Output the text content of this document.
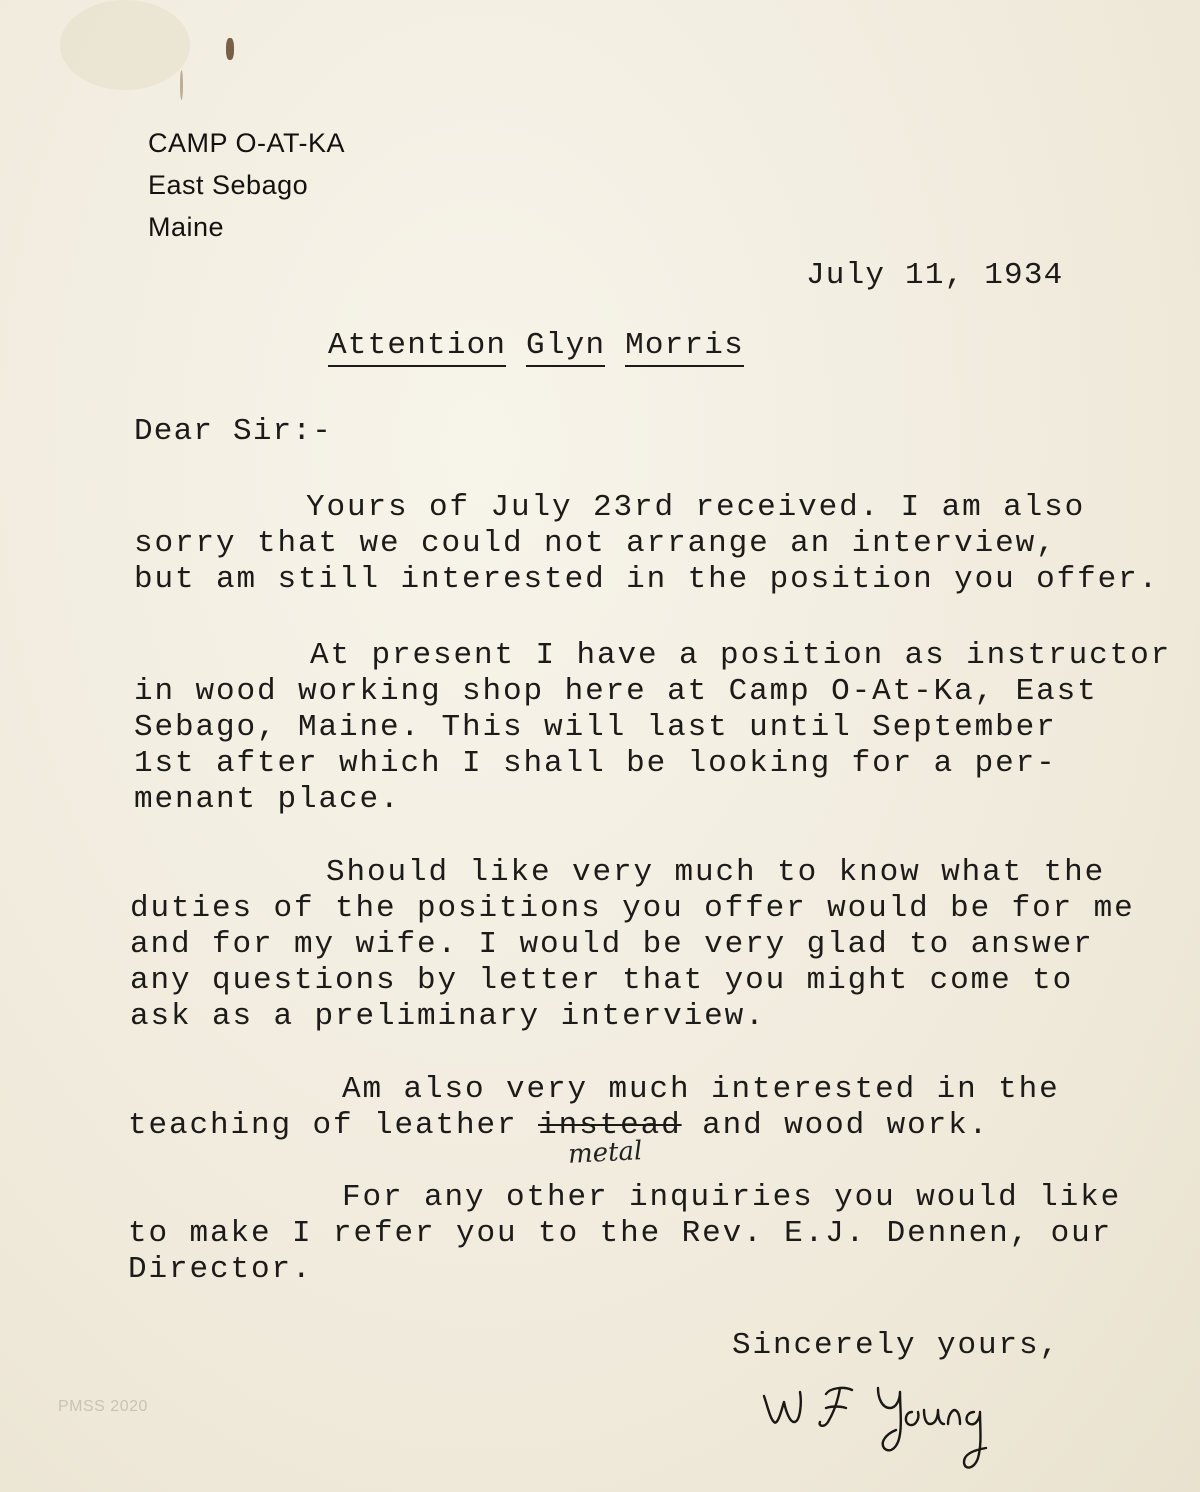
CAMP O-AT-KA
East Sebago
Maine
July 11, 1934
Attention Glyn Morris
Dear Sir:-
Yours of July 23rd received. I am also
sorry that we could not arrange an interview,
but am still interested in the position you offer.
At present I have a position as instructor
in wood working shop here at Camp O-At-Ka, East
Sebago, Maine. This will last until September
1st after which I shall be looking for a per-
menant place.
Should like very much to know what the
duties of the positions you offer would be for me
and for my wife. I would be very glad to answer
any questions by letter that you might come to
ask as a preliminary interview.
Am also very much interested in the
teaching of leather instead and wood work.
metal
For any other inquiries you would like
to make I refer you to the Rev. E.J. Dennen, our
Director.
Sincerely yours,
PMSS 2020
